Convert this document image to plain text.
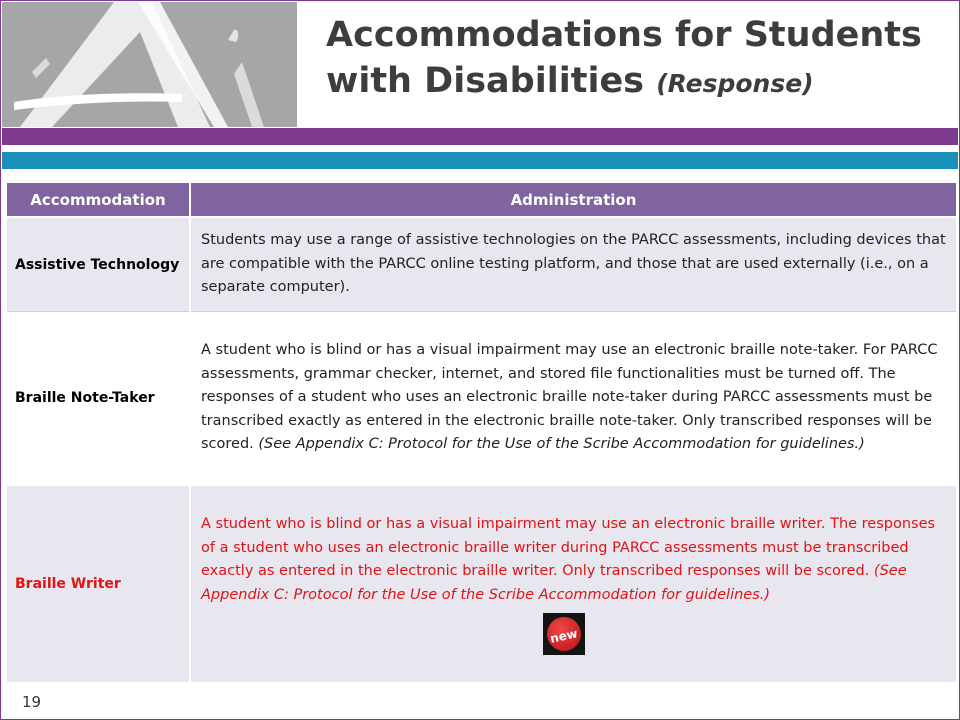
Accommodations for Students with Disabilities (Response)
Accommodation	Administration
Assistive Technology	Students may use a range of assistive technologies on the PARCC assessments, including devices that are compatible with the PARCC online testing platform, and those that are used externally (i.e., on a separate computer).
Braille Note-Taker	A student who is blind or has a visual impairment may use an electronic braille note-taker. For PARCC assessments, grammar checker, internet, and stored file functionalities must be turned off. The responses of a student who uses an electronic braille note-taker during PARCC assessments must be transcribed exactly as entered in the electronic braille note-taker. Only transcribed responses will be scored. (See Appendix C: Protocol for the Use of the Scribe Accommodation for guidelines.)
Braille Writer	A student who is blind or has a visual impairment may use an electronic braille writer. The responses of a student who uses an electronic braille writer during PARCC assessments must be transcribed exactly as entered in the electronic braille writer. Only transcribed responses will be scored. (See Appendix C: Protocol for the Use of the Scribe Accommodation for guidelines.)

new
19
